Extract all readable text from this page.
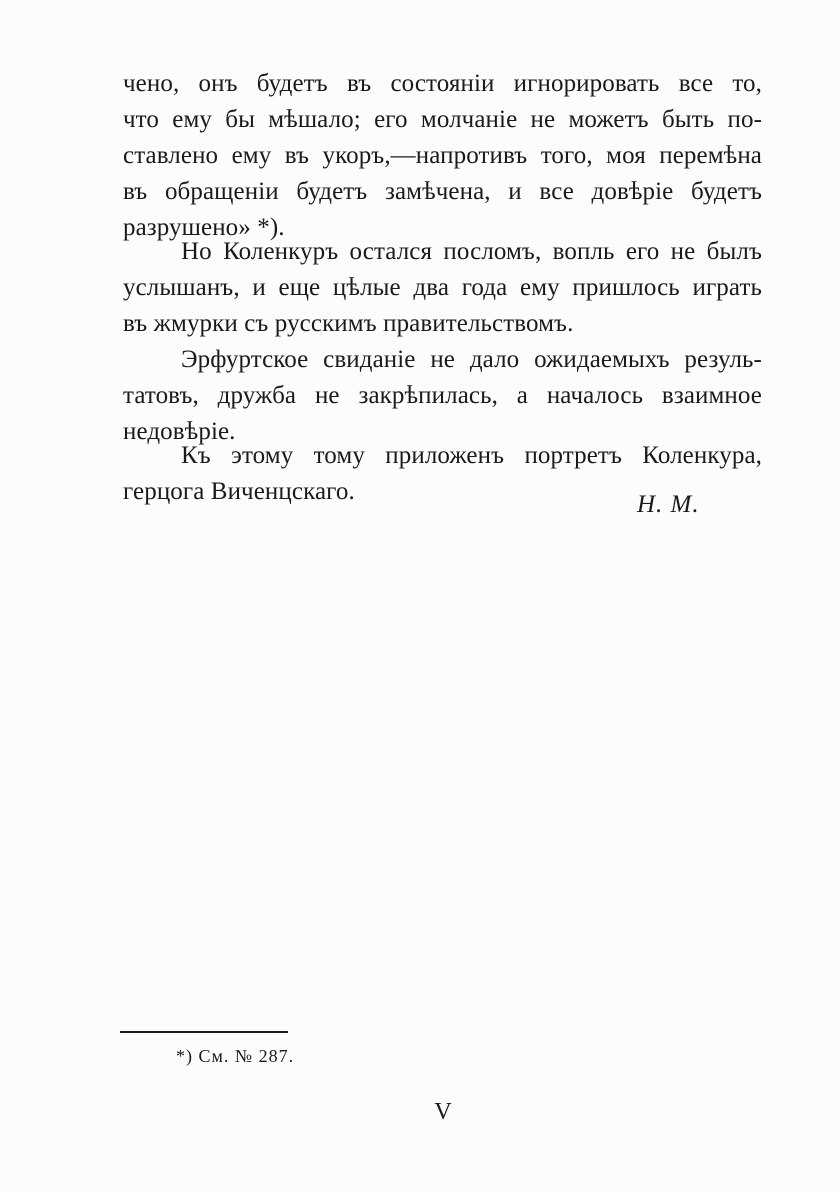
чено, онъ будетъ въ состоянiи игнорировать все то,
что ему бы мѣшало; его молчанiе не можетъ быть по-
ставлено ему въ укоръ,—напротивъ того, моя перемѣна
въ обращенiи будетъ замѣчена, и все довѣрiе будетъ
разрушено» *).
Но Коленкуръ остался посломъ, вопль его не былъ
услышанъ, и еще цѣлые два года ему пришлось играть
въ жмурки съ русскимъ правительствомъ.
Эрфуртское свиданiе не дало ожидаемыхъ резуль-
татовъ, дружба не закрѣпилась, а началось взаимное
недовѣрiе.
Къ этому тому приложенъ портретъ Коленкура,
герцога Виченцскаго.	Н. М.
*) См. № 287.
V
